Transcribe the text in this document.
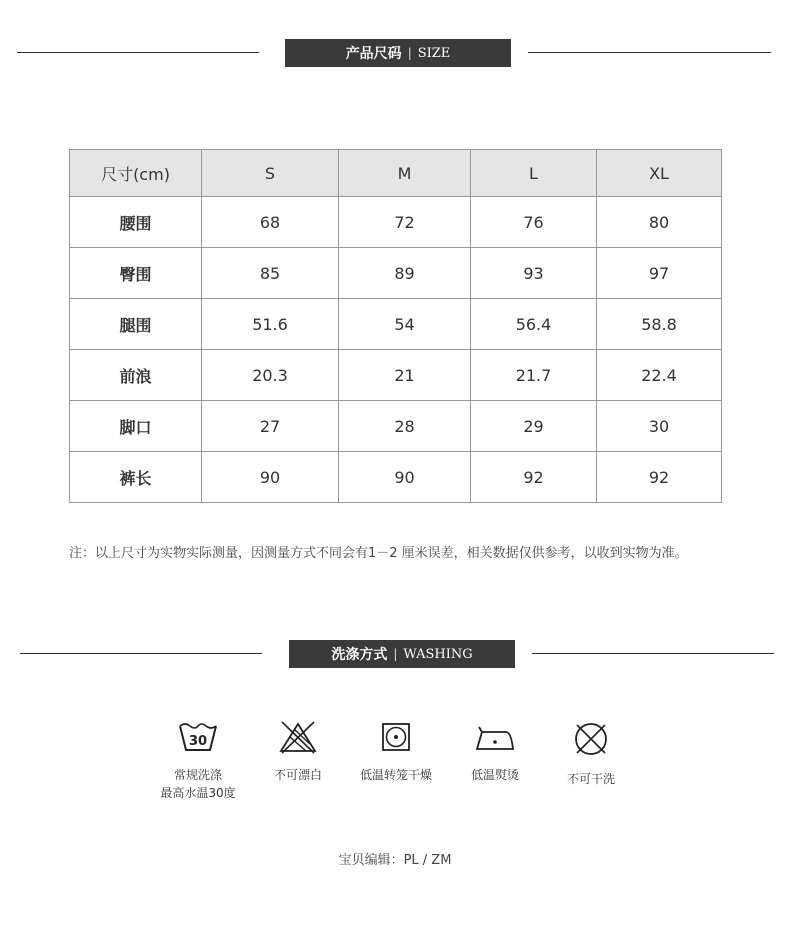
产品尺码 | SIZE
尺寸(cm)	S	M	L	XL
腰围	68	72	76	80
臀围	85	89	93	97
腿围	51.6	54	56.4	58.8
前浪	20.3	21	21.7	22.4
脚口	27	28	29	30
裤长	90	90	92	92
注：以上尺寸为实物实际测量，因测量方式不同会有1－2 厘米误差，相关数据仅供参考，以收到实物为准。
洗涤方式 | WASHING
30
常规洗涤
最高水温30度
不可漂白	低温转笼干燥	低温熨烫	不可干洗
宝贝编辑：PL / ZM
